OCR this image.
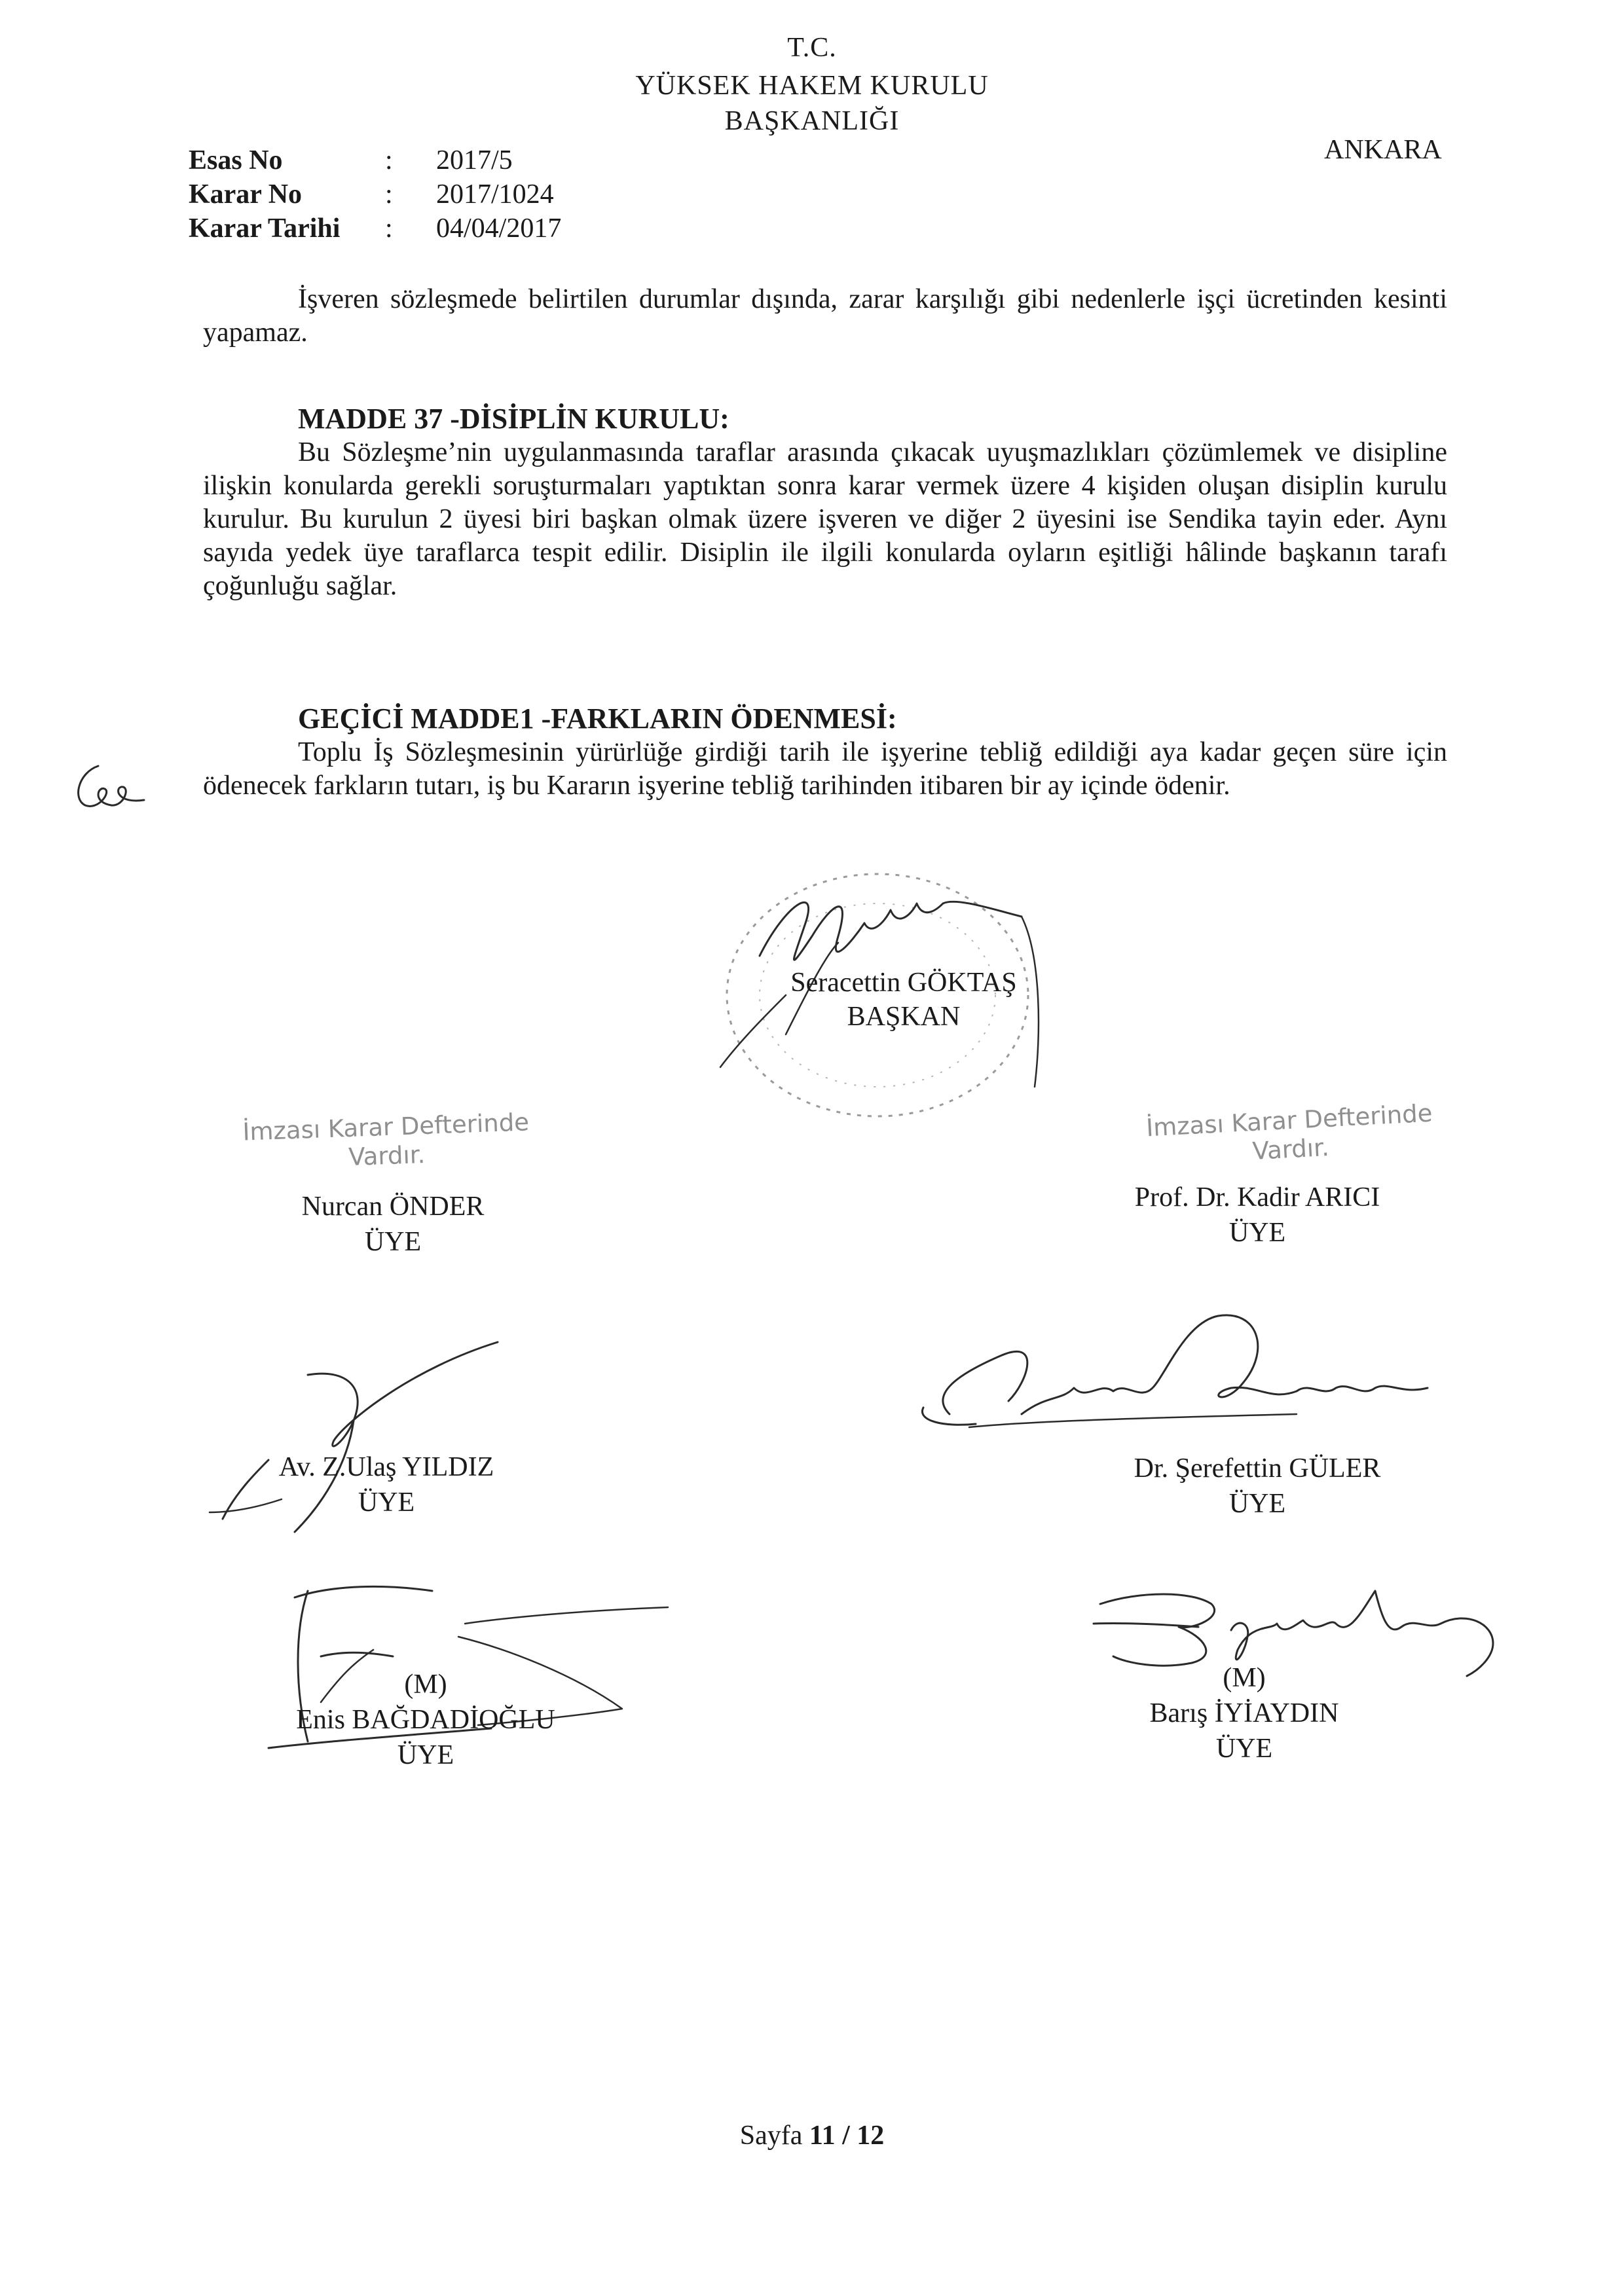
T.C.
YÜKSEK HAKEM KURULU
BAŞKANLIĞI
ANKARA
Esas No	: 2017/5
Karar No	: 2017/1024
Karar Tarihi : 04/04/2017
İşveren sözleşmede belirtilen durumlar dışında, zarar karşılığı gibi nedenlerle işçi ücretinden kesinti yapamaz.
MADDE 37 -DİSİPLİN KURULU:
Bu Sözleşme’nin uygulanmasında taraflar arasında çıkacak uyuşmazlıkları çözümlemek ve disipline ilişkin konularda gerekli soruşturmaları yaptıktan sonra karar vermek üzere 4 kişiden oluşan disiplin kurulu kurulur. Bu kurulun 2 üyesi biri başkan olmak üzere işveren ve diğer 2 üyesini ise Sendika tayin eder. Aynı sayıda yedek üye taraflarca tespit edilir. Disiplin ile ilgili konularda oyların eşitliği hâlinde başkanın tarafı çoğunluğu sağlar.
GEÇİCİ MADDE1 -FARKLARIN ÖDENMESİ:
Toplu İş Sözleşmesinin yürürlüğe girdiği tarih ile işyerine tebliğ edildiği aya kadar geçen süre için ödenecek farkların tutarı, iş bu Kararın işyerine tebliğ tarihinden itibaren bir ay içinde ödenir.
Seracettin GÖKTAŞ
BAŞKAN
İmzası Karar Defterinde
Vardır.
Nurcan ÖNDER
ÜYE
İmzası Karar Defterinde
Vardır.
Prof. Dr. Kadir ARICI
ÜYE
Av. Z.Ulaş YILDIZ
ÜYE
Dr. Şerefettin GÜLER
ÜYE
(M)
Enis BAĞDADİOĞLU
ÜYE
(M)
Barış İYİAYDIN
ÜYE
Sayfa 11 / 12
